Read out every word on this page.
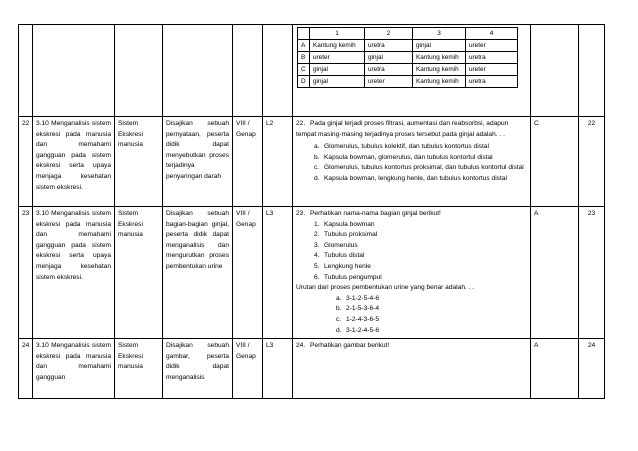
	1	2	3	4
A	Kantung kemih	uretra	ginjal	ureter
B	ureter	ginjal	Kantung kemih	uretra
C	ginjal	uretra	Kantung kemih	ureter
D	ginjal	ureter	Kantung kemih	uretra

22	3.10 Menganalisis sistem ekskresi pada manusia dan memahami gangguan pada sistem ekskresi serta upaya menjaga kesehatan sistem ekskresi.	Sistem Ekskresi manusia	Disajikan sebuah pernyataan, peserta didik dapat menyebutkan proses terjadinya penyaringan darah	VIII / Genap	L2	22. Pada ginjal terjadi proses filtrasi, aumentasi dan reabsorbsi, adapun tempat masing-masing terjadinya proses tersebut pada ginjal adalah. . .
a. Glomerulus, tubulus kolektif, dan tubulus kontortus distal
b. Kapsula bowman, glomerulus, dan tubulus kontortul distal
c. Glomerulus, tubulus kontortus proksimal, dan tubulus kontortul distal
d. Kapsula bowman, lengkung henle, dan tubulus kontortus distal
	C	22
23	3.10 Menganalisis sistem ekskresi pada manusia dan memahami gangguan pada sistem ekskresi serta upaya menjaga kesehatan sistem ekskresi.	Sistem Ekskresi manusia	Disajikan sebuah bagian-bagian ginjal, peserta didik dapat menganalisis dan mengurutkan proses pembentukan urine	VIII / Genap	L3	23. Perhatikan nama-nama bagian ginjal berikut!
1. Kapsula bowman
2. Tubulus proksimal
3. Glomerulus
4. Tubulus distal
5. Lengkung henle
6. Tubulus pengumpul
Urutan dari proses pembentukan urine yang benar adalah. . .
a. 3-1-2-5-4-6
b. 2-1-5-3-6-4
c. 1-2-4-3-6-5
d. 3-1-2-4-5-6
	A	23
24	3.10 Menganalisis sistem ekskresi pada manusia dan memahami gangguan	Sistem Ekskresi manusia	Disajikan sebuah gambar, peserta didik dapat menganalisis	VIII / Genap	L3	24. Perhatikan gambar berikut!	A	24
